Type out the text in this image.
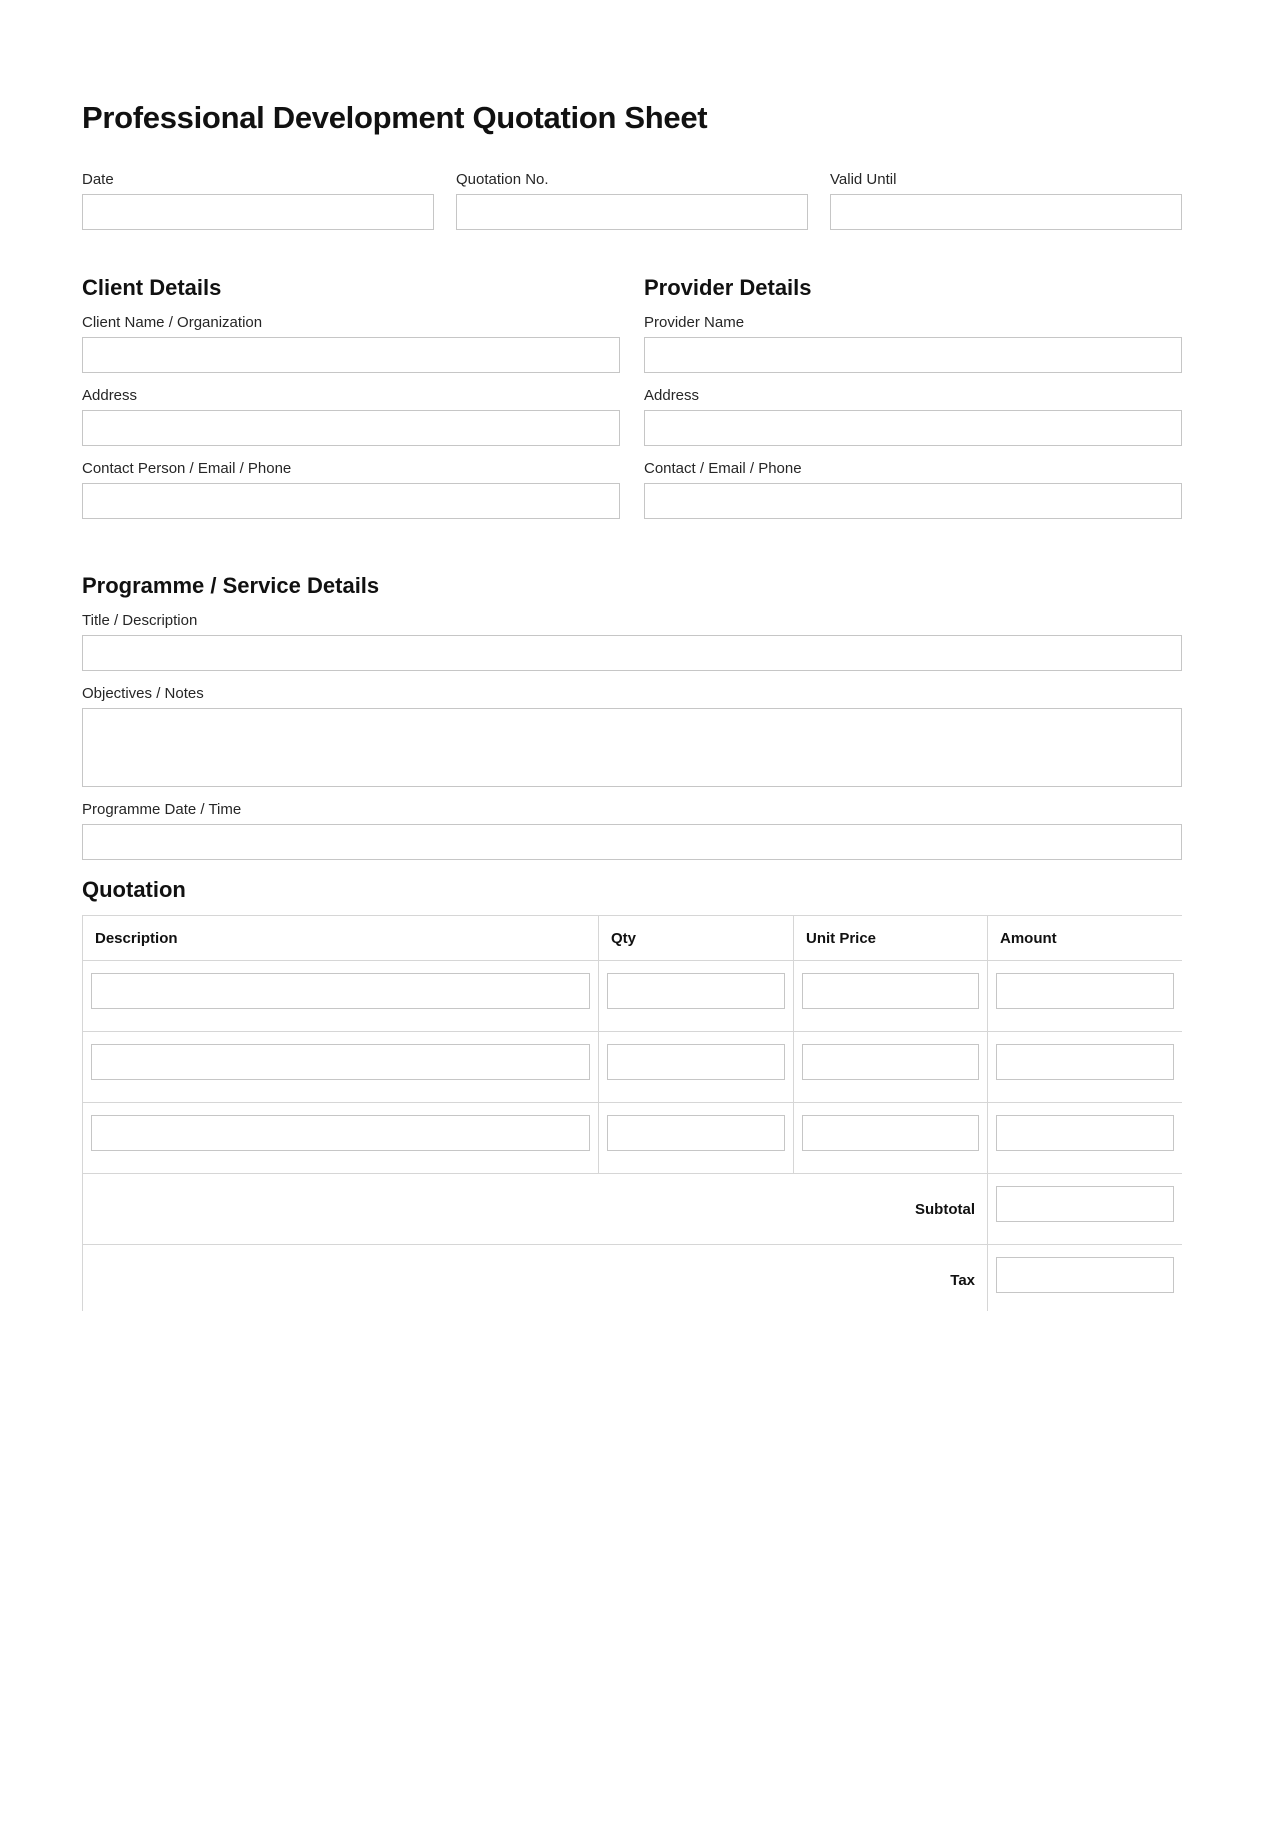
Professional Development Quotation Sheet
Date	Quotation No.	Valid Until
Client Details
Client Name / Organization
Address
Contact Person / Email / Phone
Provider Details
Provider Name
Address
Contact / Email / Phone
Programme / Service Details
Title / Description
Objectives / Notes
Programme Date / Time
Quotation
Description	Qty	Unit Price	Amount

Subtotal	

Tax	
